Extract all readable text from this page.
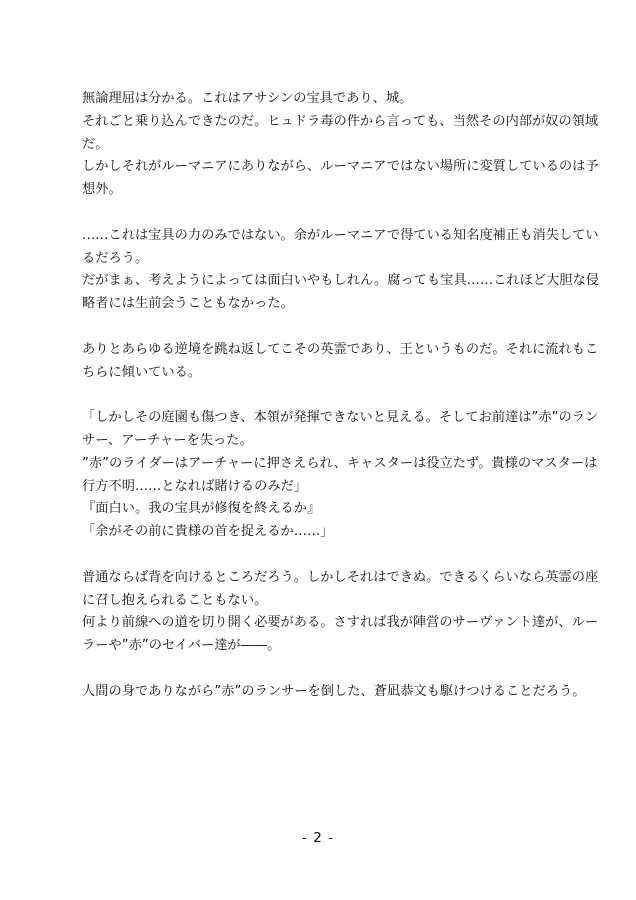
無論理屈は分かる。これはアサシンの宝具であり、城。
それごと乗り込んできたのだ。ヒュドラ毒の件から言っても、当然その内部が奴の領域
だ。
しかしそれがルーマニアにありながら、ルーマニアではない場所に変質しているのは予
想外。
……これは宝具の力のみではない。余がルーマニアで得ている知名度補正も消失してい
るだろう。
だがまぁ、考えようによっては面白いやもしれん。腐っても宝具……これほど大胆な侵
略者には生前会うこともなかった。
ありとあらゆる逆境を跳ね返してこその英霊であり、王というものだ。それに流れもこ
ちらに傾いている。
「しかしその庭園も傷つき、本領が発揮できないと見える。そしてお前達は”赤”のラン
サー、アーチャーを失った。
”赤”のライダーはアーチャーに押さえられ、キャスターは役立たず。貴様のマスターは
行方不明……となれば賭けるのみだ」
『面白い。我の宝具が修復を終えるか』
「余がその前に貴様の首を捉えるか……」
普通ならば背を向けるところだろう。しかしそれはできぬ。できるくらいなら英霊の座
に召し抱えられることもない。
何より前線への道を切り開く必要がある。さすれば我が陣営のサーヴァント達が、ルー
ラーや”赤”のセイバー達が――。
人間の身でありながら”赤”のランサーを倒した、蒼凪恭文も駆けつけることだろう。
- 2 -
